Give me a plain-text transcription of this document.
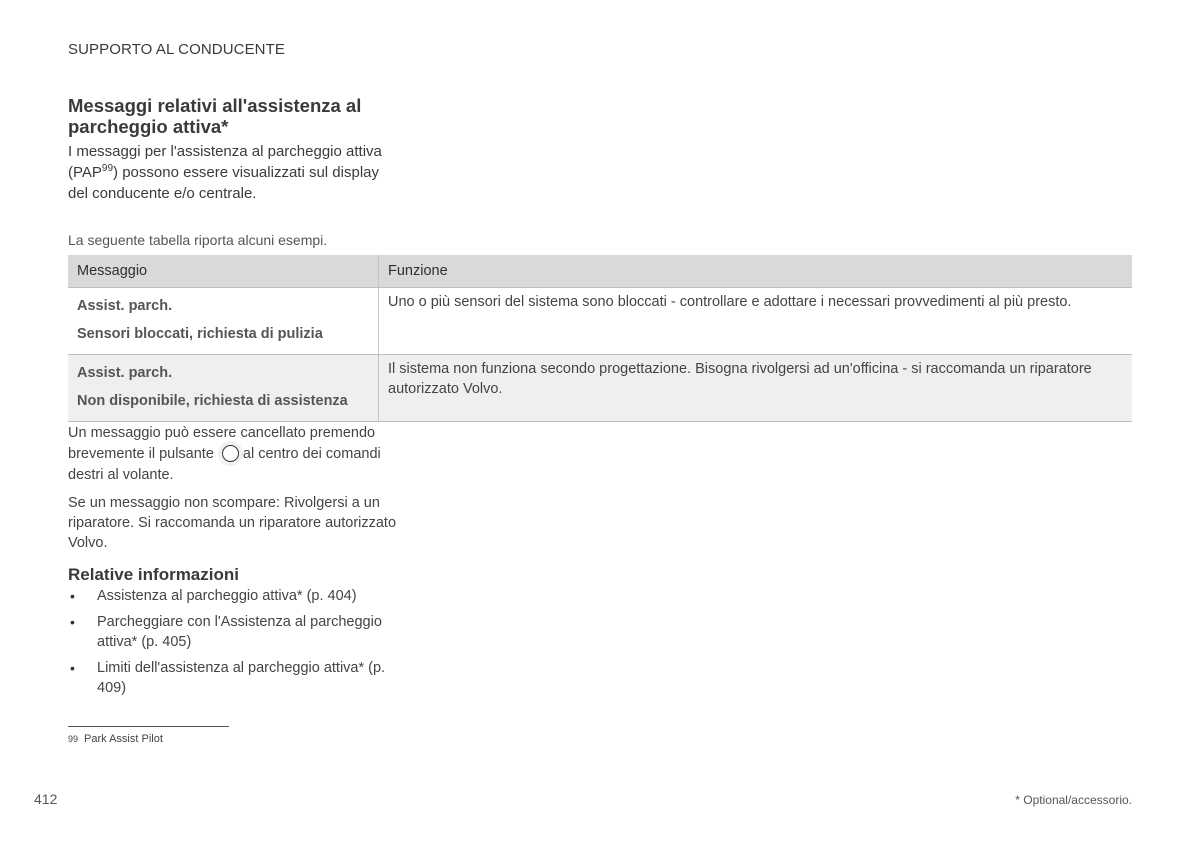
SUPPORTO AL CONDUCENTE
Messaggi relativi all'assistenza al parcheggio attiva*

I messaggi per l'assistenza al parcheggio attiva (PAP$^{99}$) possono essere visualizzati sul display del conducente e/o centrale.

La seguente tabella riporta alcuni esempi.
Messaggio	Funzione

Assist. parch.
Sensori bloccati, richiesta di pulizia	Uno o più sensori del sistema sono bloccati - controllare e adottare i necessari provvedimenti al più presto.

Assist. parch.
Non disponibile, richiesta di assistenza	Il sistema non funziona secondo progettazione. Bisogna rivolgersi ad un'officina - si raccomanda un riparatore autorizzato Volvo.

Un messaggio può essere cancellato premendo brevemente il pulsante al centro dei comandi destri al volante.

Se un messaggio non scompare: Rivolgersi a un riparatore. Si raccomanda un riparatore autorizzato Volvo.

Relative informazioni
• Assistenza al parcheggio attiva* (p. 404)
• Parcheggiare con l'Assistenza al parcheggio attiva* (p. 405)
• Limiti dell'assistenza al parcheggio attiva* (p. 409)
99 Park Assist Pilot
412	* Optional/accessorio.
